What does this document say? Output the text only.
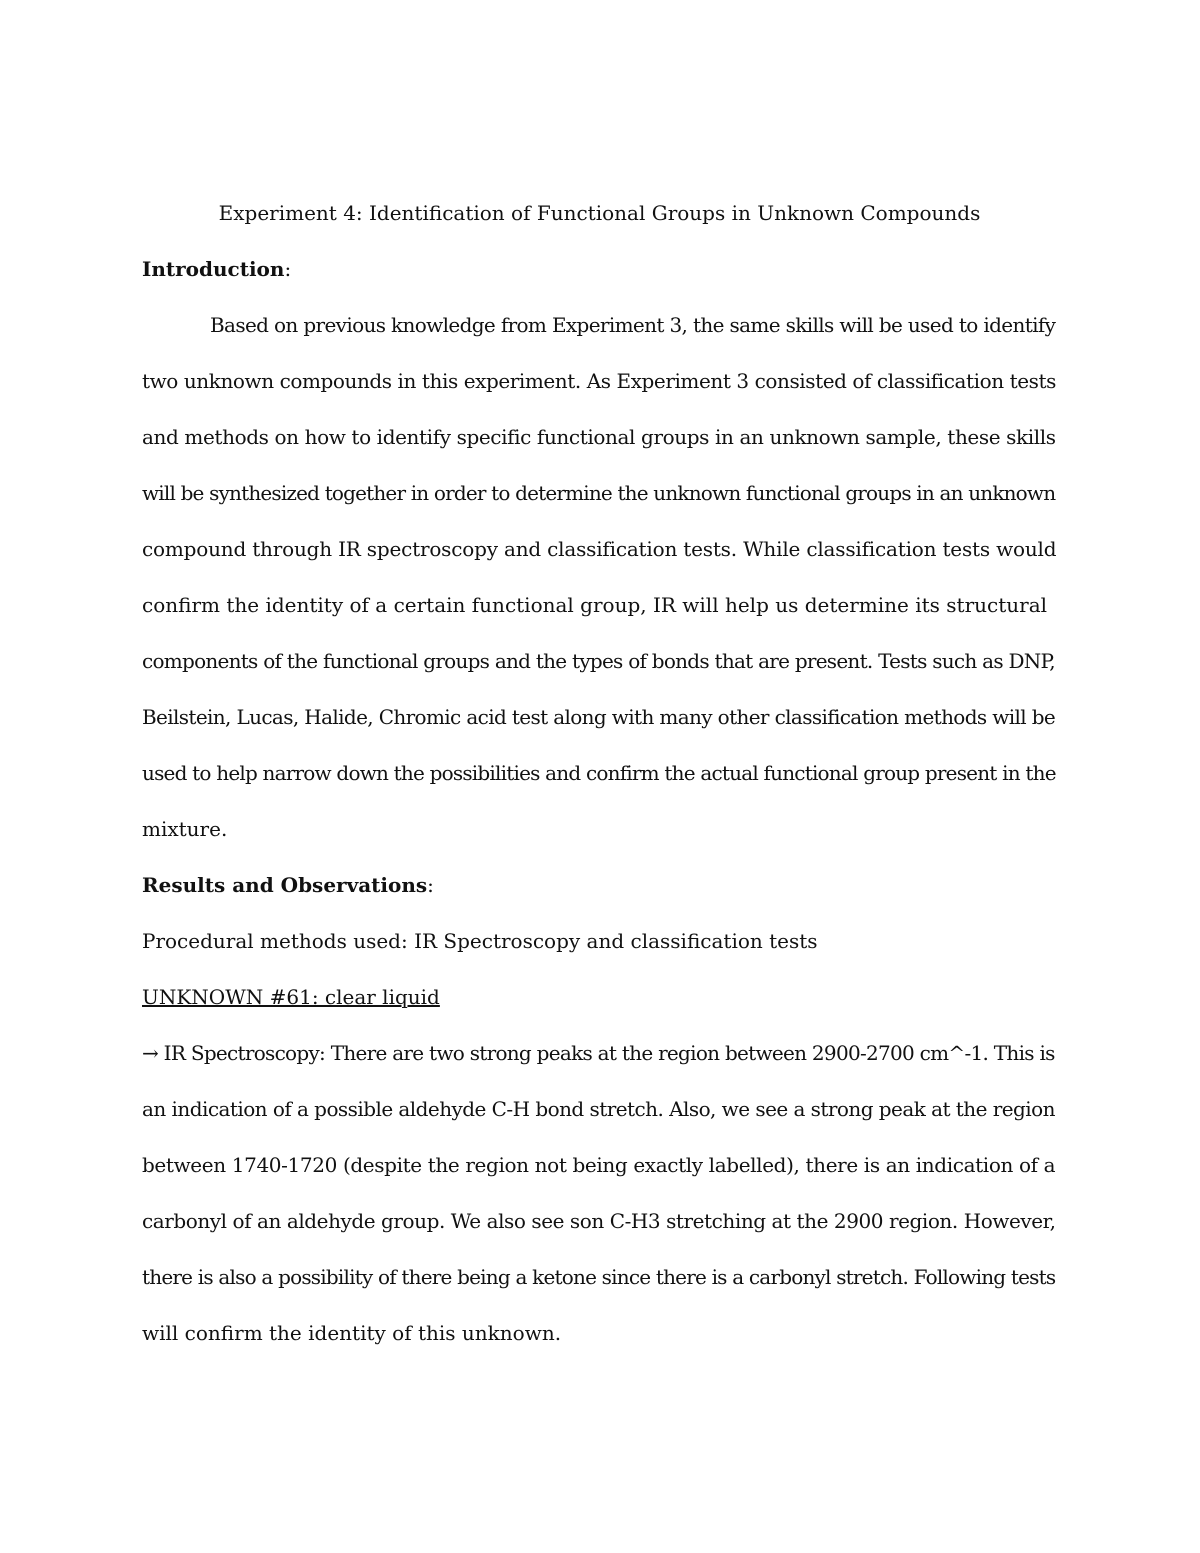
Experiment 4: Identification of Functional Groups in Unknown Compounds
Introduction:
Based on previous knowledge from Experiment 3, the same skills will be used to identify
two unknown compounds in this experiment. As Experiment 3 consisted of classification tests
and methods on how to identify specific functional groups in an unknown sample, these skills
will be synthesized together in order to determine the unknown functional groups in an unknown
compound through IR spectroscopy and classification tests. While classification tests would
confirm the identity of a certain functional group, IR will help us determine its structural
components of the functional groups and the types of bonds that are present. Tests such as DNP,
Beilstein, Lucas, Halide, Chromic acid test along with many other classification methods will be
used to help narrow down the possibilities and confirm the actual functional group present in the
mixture.
Results and Observations:
Procedural methods used: IR Spectroscopy and classification tests
UNKNOWN #61: clear liquid
→ IR Spectroscopy: There are two strong peaks at the region between 2900-2700 cm^-1. This is
an indication of a possible aldehyde C-H bond stretch. Also, we see a strong peak at the region
between 1740-1720 (despite the region not being exactly labelled), there is an indication of a
carbonyl of an aldehyde group. We also see son C-H3 stretching at the 2900 region. However,
there is also a possibility of there being a ketone since there is a carbonyl stretch. Following tests
will confirm the identity of this unknown.
